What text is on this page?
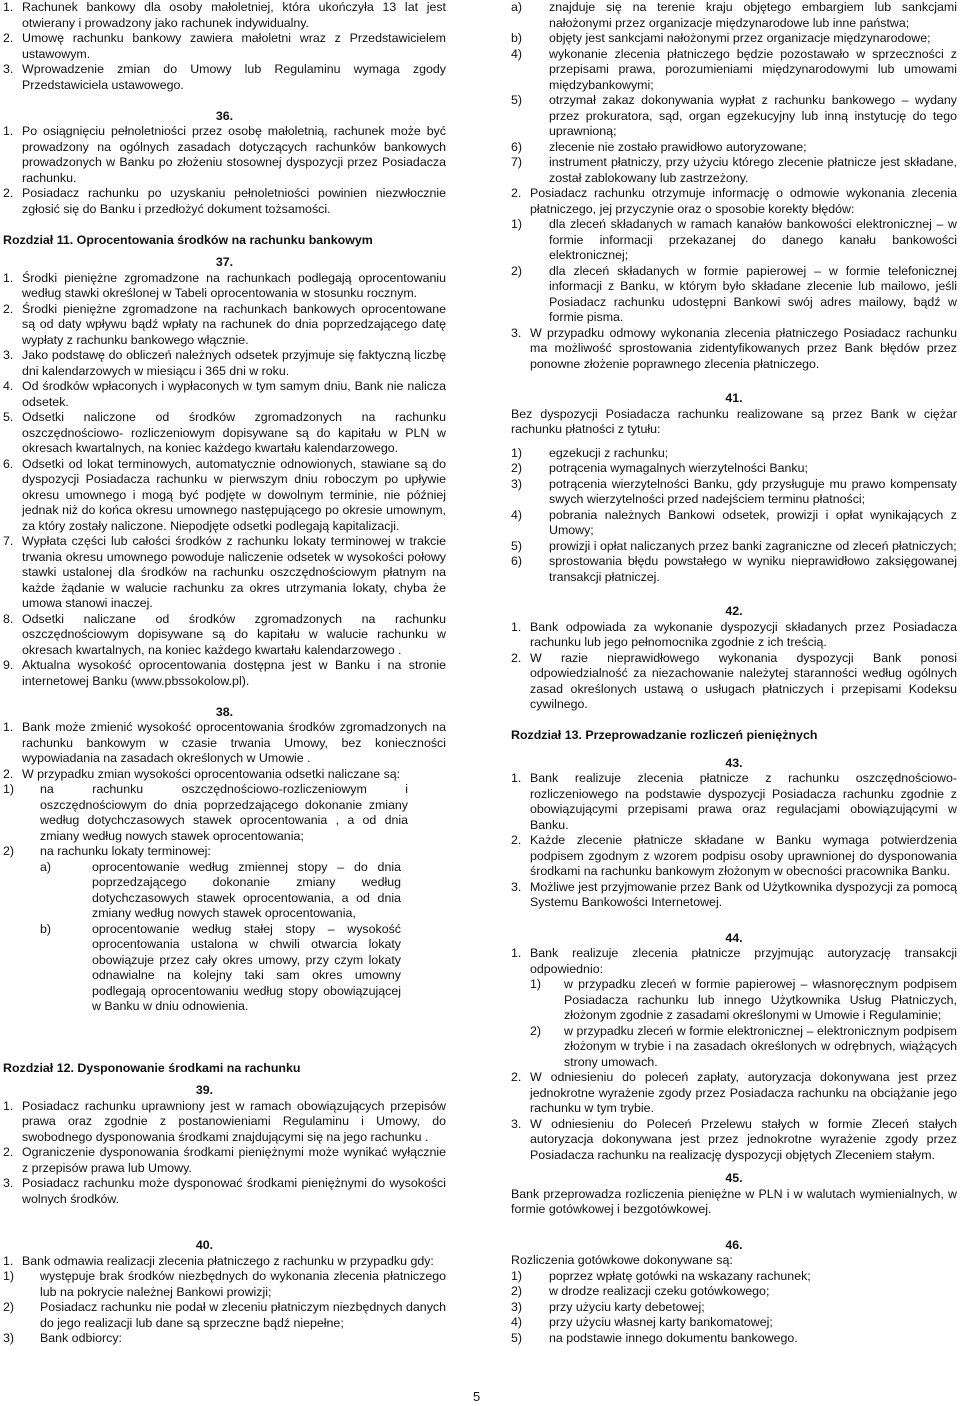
1. Rachunek bankowy dla osoby małoletniej, która ukończyła 13 lat jest otwierany i prowadzony jako rachunek indywidualny.
2. Umowę rachunku bankowy zawiera małoletni wraz z Przedstawicielem ustawowym.
3. Wprowadzenie zmian do Umowy lub Regulaminu wymaga zgody Przedstawiciela ustawowego.

36.

1. Po osiągnięciu pełnoletniości przez osobę małoletnią, rachunek może być prowadzony na ogólnych zasadach dotyczących rachunków bankowych prowadzonych w Banku po złożeniu stosownej dyspozycji przez Posiadacza rachunku.
2. Posiadacz rachunku po uzyskaniu pełnoletniości powinien niezwłocznie zgłosić się do Banku i przedłożyć dokument tożsamości.

Rozdział 11. Oprocentowania środków na rachunku bankowym

37.

1. Środki pieniężne zgromadzone na rachunkach podlegają oprocentowaniu według stawki określonej w Tabeli oprocentowania w stosunku rocznym.
2. Środki pieniężne zgromadzone na rachunkach bankowych oprocentowane są od daty wpływu bądź wpłaty na rachunek do dnia poprzedzającego datę wypłaty z rachunku bankowego włącznie.
3. Jako podstawę do obliczeń należnych odsetek przyjmuje się faktyczną liczbę dni kalendarzowych w miesiącu i 365 dni w roku.
4. Od środków wpłaconych i wypłaconych w tym samym dniu, Bank nie nalicza odsetek.
5. Odsetki naliczone od środków zgromadzonych na rachunku oszczędnościowo- rozliczeniowym dopisywane są do kapitału w PLN w okresach kwartalnych, na koniec każdego kwartału kalendarzowego.
6. Odsetki od lokat terminowych, automatycznie odnowionych, stawiane są do dyspozycji Posiadacza rachunku w pierwszym dniu roboczym po upływie okresu umownego i mogą być podjęte w dowolnym terminie, nie później jednak niż do końca okresu umownego następującego po okresie umownym, za który zostały naliczone. Niepodjęte odsetki podlegają kapitalizacji.
7. Wypłata części lub całości środków z rachunku lokaty terminowej w trakcie trwania okresu umownego powoduje naliczenie odsetek w wysokości połowy stawki ustalonej dla środków na rachunku oszczędnościowym płatnym na każde żądanie w walucie rachunku za okres utrzymania lokaty, chyba że umowa stanowi inaczej.
8. Odsetki naliczane od środków zgromadzonych na rachunku oszczędnościowym dopisywane są do kapitału w walucie rachunku w okresach kwartalnych, na koniec każdego kwartału kalendarzowego .
9. Aktualna wysokość oprocentowania dostępna jest w Banku i na stronie internetowej Banku (www.pbssokolow.pl).

38.

1. Bank może zmienić wysokość oprocentowania środków zgromadzonych na rachunku bankowym w czasie trwania Umowy, bez konieczności wypowiadania na zasadach określonych w Umowie .
2. W przypadku zmian wysokości oprocentowania odsetki naliczane są:
1)	na rachunku oszczędnościowo-rozliczeniowym i oszczędnościowym do dnia poprzedzającego dokonanie zmiany według dotychczasowych stawek oprocentowania , a od dnia zmiany według nowych stawek oprocentowania;
2)	na rachunku lokaty terminowej:
a)	oprocentowanie według zmiennej stopy – do dnia poprzedzającego dokonanie zmiany według dotychczasowych stawek oprocentowania, a od dnia zmiany według nowych stawek oprocentowania,
b)	oprocentowanie według stałej stopy – wysokość oprocentowania ustalona w chwili otwarcia lokaty obowiązuje przez cały okres umowy, przy czym lokaty odnawialne na kolejny taki sam okres umowny podlegają oprocentowaniu według stopy obowiązującej w Banku w dniu odnowienia.

Rozdział 12. Dysponowanie środkami na rachunku

39.

1. Posiadacz rachunku uprawniony jest w ramach obowiązujących przepisów prawa oraz zgodnie z postanowieniami Regulaminu i Umowy, do swobodnego dysponowania środkami znajdującymi się na jego rachunku .
2. Ograniczenie dysponowania środkami pieniężnymi może wynikać wyłącznie z przepisów prawa lub Umowy.
3. Posiadacz rachunku może dysponować środkami pieniężnymi do wysokości wolnych środków.

40.

1. Bank odmawia realizacji zlecenia płatniczego z rachunku w przypadku gdy:
1)	występuje brak środków niezbędnych do wykonania zlecenia płatniczego lub na pokrycie należnej Bankowi prowizji;
2)	Posiadacz rachunku nie podał w zleceniu płatniczym niezbędnych danych do jego realizacji lub dane są sprzeczne bądź niepełne;
3)	Bank odbiorcy:
a)	znajduje się na terenie kraju objętego embargiem lub sankcjami nałożonymi przez organizacje międzynarodowe lub inne państwa;
b)	objęty jest sankcjami nałożonymi przez organizacje międzynarodowe;
4)	wykonanie zlecenia płatniczego będzie pozostawało w sprzeczności z przepisami prawa, porozumieniami międzynarodowymi lub umowami międzybankowymi;
5)	otrzymał zakaz dokonywania wypłat z rachunku bankowego – wydany przez prokuratora, sąd, organ egzekucyjny lub inną instytucję do tego uprawnioną;
6)	zlecenie nie zostało prawidłowo autoryzowane;
7)	instrument płatniczy, przy użyciu którego zlecenie płatnicze jest składane, został zablokowany lub zastrzeżony.
2. Posiadacz rachunku otrzymuje informację o odmowie wykonania zlecenia płatniczego, jej przyczynie oraz o sposobie korekty błędów:
1)	dla zleceń składanych w ramach kanałów bankowości elektronicznej – w formie informacji przekazanej do danego kanału bankowości elektronicznej;
2)	dla zleceń składanych w formie papierowej – w formie telefonicznej informacji z Banku, w którym było składane zlecenie lub mailowo, jeśli Posiadacz rachunku udostępni Bankowi swój adres mailowy, bądź w formie pisma.
3. W przypadku odmowy wykonania zlecenia płatniczego Posiadacz rachunku ma możliwość sprostowania zidentyfikowanych przez Bank błędów przez ponowne złożenie poprawnego zlecenia płatniczego.

41.

Bez dyspozycji Posiadacza rachunku realizowane są przez Bank w ciężar rachunku płatności z tytułu:

1)	egzekucji z rachunku;
2)	potrącenia wymagalnych wierzytelności Banku;
3)	potrącenia wierzytelności Banku, gdy przysługuje mu prawo kompensaty swych wierzytelności przed nadejściem terminu płatności;
4)	pobrania należnych Bankowi odsetek, prowizji i opłat wynikających z Umowy;
5)	prowizji i opłat naliczanych przez banki zagraniczne od zleceń płatniczych;
6)	sprostowania błędu powstałego w wyniku nieprawidłowo zaksięgowanej transakcji płatniczej.

42.

1. Bank odpowiada za wykonanie dyspozycji składanych przez Posiadacza rachunku lub jego pełnomocnika zgodnie z ich treścią.
2. W razie nieprawidłowego wykonania dyspozycji Bank ponosi odpowiedzialność za niezachowanie należytej staranności według ogólnych zasad określonych ustawą o usługach płatniczych i przepisami Kodeksu cywilnego.

Rozdział 13. Przeprowadzanie rozliczeń pieniężnych

43.

1. Bank realizuje zlecenia płatnicze z rachunku oszczędnościowo-rozliczeniowego na podstawie dyspozycji Posiadacza rachunku zgodnie z obowiązującymi przepisami prawa oraz regulacjami obowiązującymi w Banku.
2. Każde zlecenie płatnicze składane w Banku wymaga potwierdzenia podpisem zgodnym z wzorem podpisu osoby uprawnionej do dysponowania środkami na rachunku bankowym złożonym w obecności pracownika Banku.
3. Możliwe jest przyjmowanie przez Bank od Użytkownika dyspozycji za pomocą Systemu Bankowości Internetowej.

44.

1. Bank realizuje zlecenia płatnicze przyjmując autoryzację transakcji odpowiednio:
1)	w przypadku zleceń w formie papierowej – własnoręcznym podpisem Posiadacza rachunku lub innego Użytkownika Usług Płatniczych, złożonym zgodnie z zasadami określonymi w Umowie i Regulaminie;
2)	w przypadku zleceń w formie elektronicznej – elektronicznym podpisem złożonym w trybie i na zasadach określonych w odrębnych, wiążących strony umowach.
2. W odniesieniu do poleceń zapłaty, autoryzacja dokonywana jest przez jednokrotne wyrażenie zgody przez Posiadacza rachunku na obciążanie jego rachunku w tym trybie.
3. W odniesieniu do Poleceń Przelewu stałych w formie Zleceń stałych autoryzacja dokonywana jest przez jednokrotne wyrażenie zgody przez Posiadacza rachunku na realizację dyspozycji objętych Zleceniem stałym.

45.

Bank przeprowadza rozliczenia pieniężne w PLN i w walutach wymienialnych, w formie gotówkowej i bezgotówkowej.

46.

Rozliczenia gotówkowe dokonywane są:

1)	poprzez wpłatę gotówki na wskazany rachunek;
2)	w drodze realizacji czeku gotówkowego;
3)	przy użyciu karty debetowej;
4)	przy użyciu własnej karty bankomatowej;
5)	na podstawie innego dokumentu bankowego.
5
